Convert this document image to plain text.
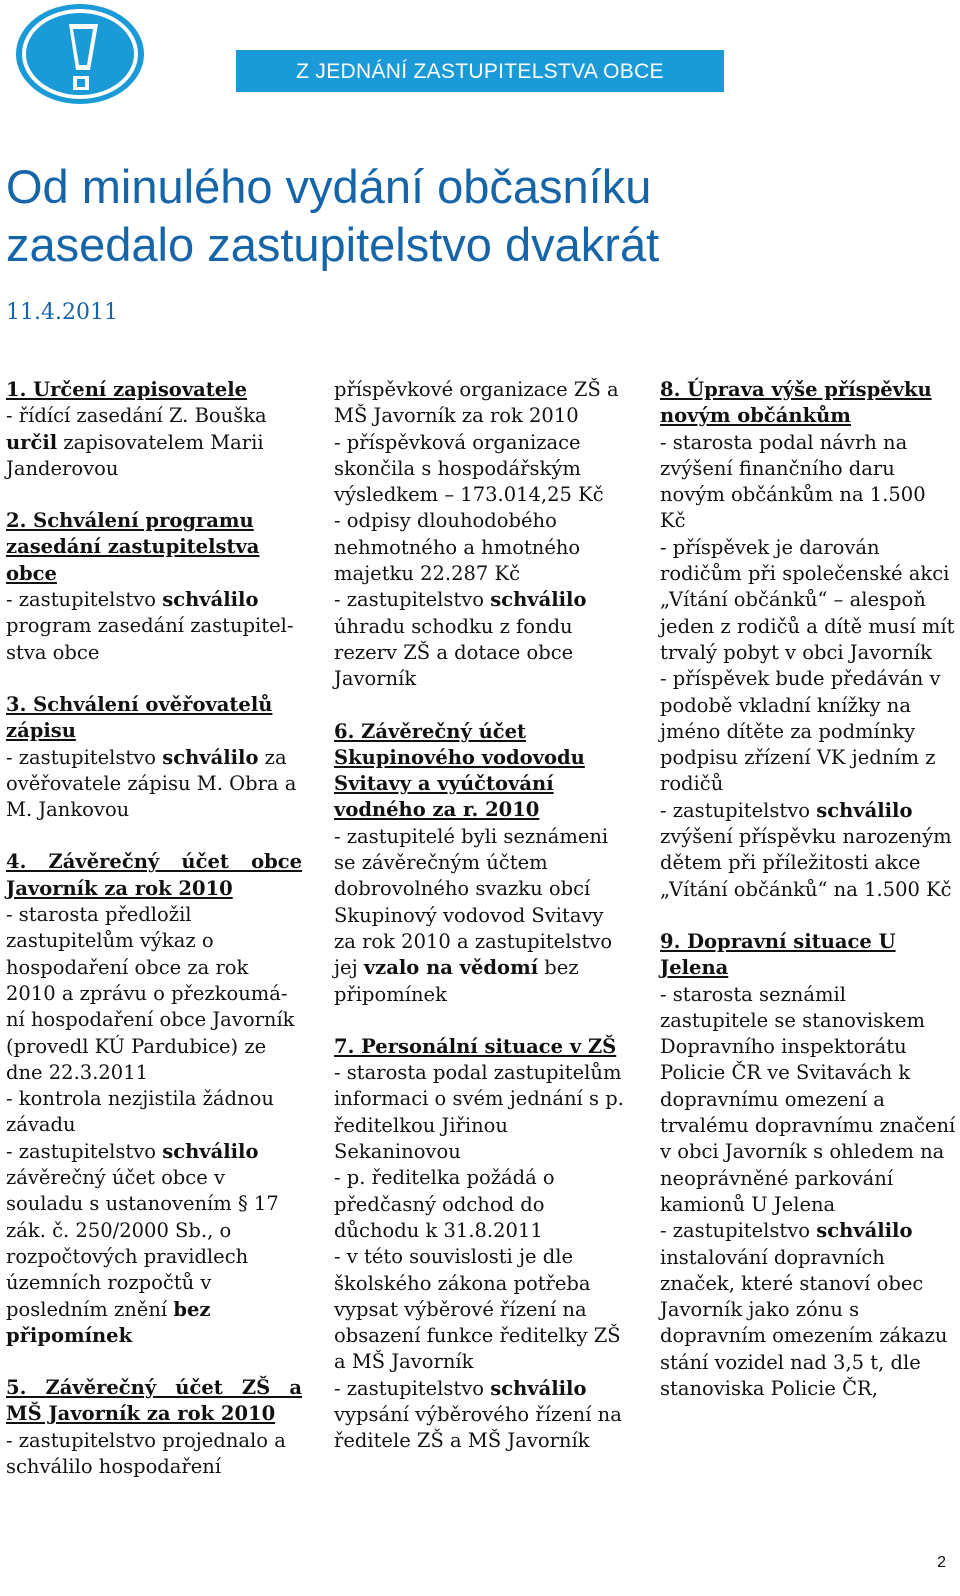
Z JEDNÁNÍ ZASTUPITELSTVA OBCE
Od minulého vydání občasníku
zasedalo zastupitelstvo dvakrát
11.4.2011

1. Určení zapisovatele

- řídící zasedání Z. Bouška určil zapisovatelem Marii Janderovou

2. Schválení programu zasedání zastupitelstva obce

- zastupitelstvo schválilo program zasedání zastupitel-stva obce

3. Schválení ověřovatelů zápisu

- zastupitelstvo schválilo za ověřovatele zápisu M. Obra a M. Jankovou

4. Závěrečný účet obce

Javorník za rok 2010

- starosta předložil zastupitelům výkaz o hospodaření obce za rok 2010 a zprávu o přezkoumá-ní hospodaření obce Javorník (provedl KÚ Pardubice) ze dne 22.3.2011

- kontrola nezjistila žádnou závadu

- zastupitelstvo schválilo závěrečný účet obce v souladu s ustanovením § 17 zák. č. 250/2000 Sb., o rozpočtových pravidlech územních rozpočtů v posledním znění bez připomínek

5. Závěrečný účet ZŠ a

MŠ Javorník za rok 2010

- zastupitelstvo projednalo a schválilo hospodaření

příspěvkové organizace ZŠ a MŠ Javorník za rok 2010

- příspěvková organizace skončila s hospodářským výsledkem – 173.014,25 Kč

- odpisy dlouhodobého nehmotného a hmotného majetku 22.287 Kč

- zastupitelstvo schválilo úhradu schodku z fondu rezerv ZŠ a dotace obce Javorník

6. Závěrečný účet Skupinového vodovodu Svitavy a vyúčtování vodného za r. 2010

- zastupitelé byli seznámeni se závěrečným účtem dobrovolného svazku obcí Skupinový vodovod Svitavy za rok 2010 a zastupitelstvo jej vzalo na vědomí bez připomínek

7. Personální situace v ZŠ

- starosta podal zastupitelům informaci o svém jednání s p. ředitelkou Jiřinou Sekaninovou

- p. ředitelka požádá o předčasný odchod do důchodu k 31.8.2011

- v této souvislosti je dle školského zákona potřeba vypsat výběrové řízení na obsazení funkce ředitelky ZŠ a MŠ Javorník

- zastupitelstvo schválilo vypsání výběrového řízení na ředitele ZŠ a MŠ Javorník

8. Úprava výše příspěvku novým občánkům

- starosta podal návrh na zvýšení finančního daru novým občánkům na 1.500 Kč

- příspěvek je darován rodičům při společenské akci „Vítání občánků“ – alespoň jeden z rodičů a dítě musí mít trvalý pobyt v obci Javorník

- příspěvek bude předáván v podobě vkladní knížky na jméno dítěte za podmínky podpisu zřízení VK jedním z rodičů

- zastupitelstvo schválilo zvýšení příspěvku narozeným dětem při příležitosti akce „Vítání občánků“ na 1.500 Kč

9. Dopravní situace U Jelena

- starosta seznámil zastupitele se stanoviskem Dopravního inspektorátu Policie ČR ve Svitavách k dopravnímu omezení a trvalému dopravnímu značení v obci Javorník s ohledem na neoprávněné parkování kamionů U Jelena

- zastupitelstvo schválilo instalování dopravních značek, které stanoví obec Javorník jako zónu s dopravním omezením zákazu stání vozidel nad 3,5 t, dle stanoviska Policie ČR,

2
